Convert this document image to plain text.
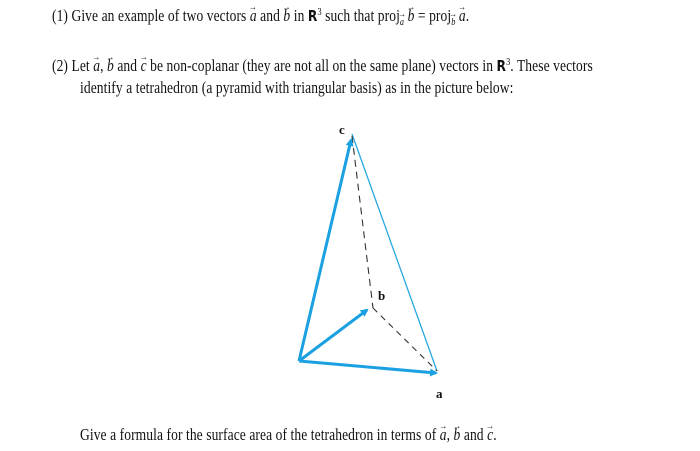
(1) Give an example of two vectors → a and → b in $R^3$ such that proj$_a$ → b = proj$_b$ → a.
(2) Let → a, → b and → c be non-coplanar (they are not all on the same plane) vectors in $R^3$. These vectors
identify a tetrahedron (a pyramid with triangular basis) as in the picture below:
c
b
a
Give a formula for the surface area of the tetrahedron in terms of → a, → b and → c.
